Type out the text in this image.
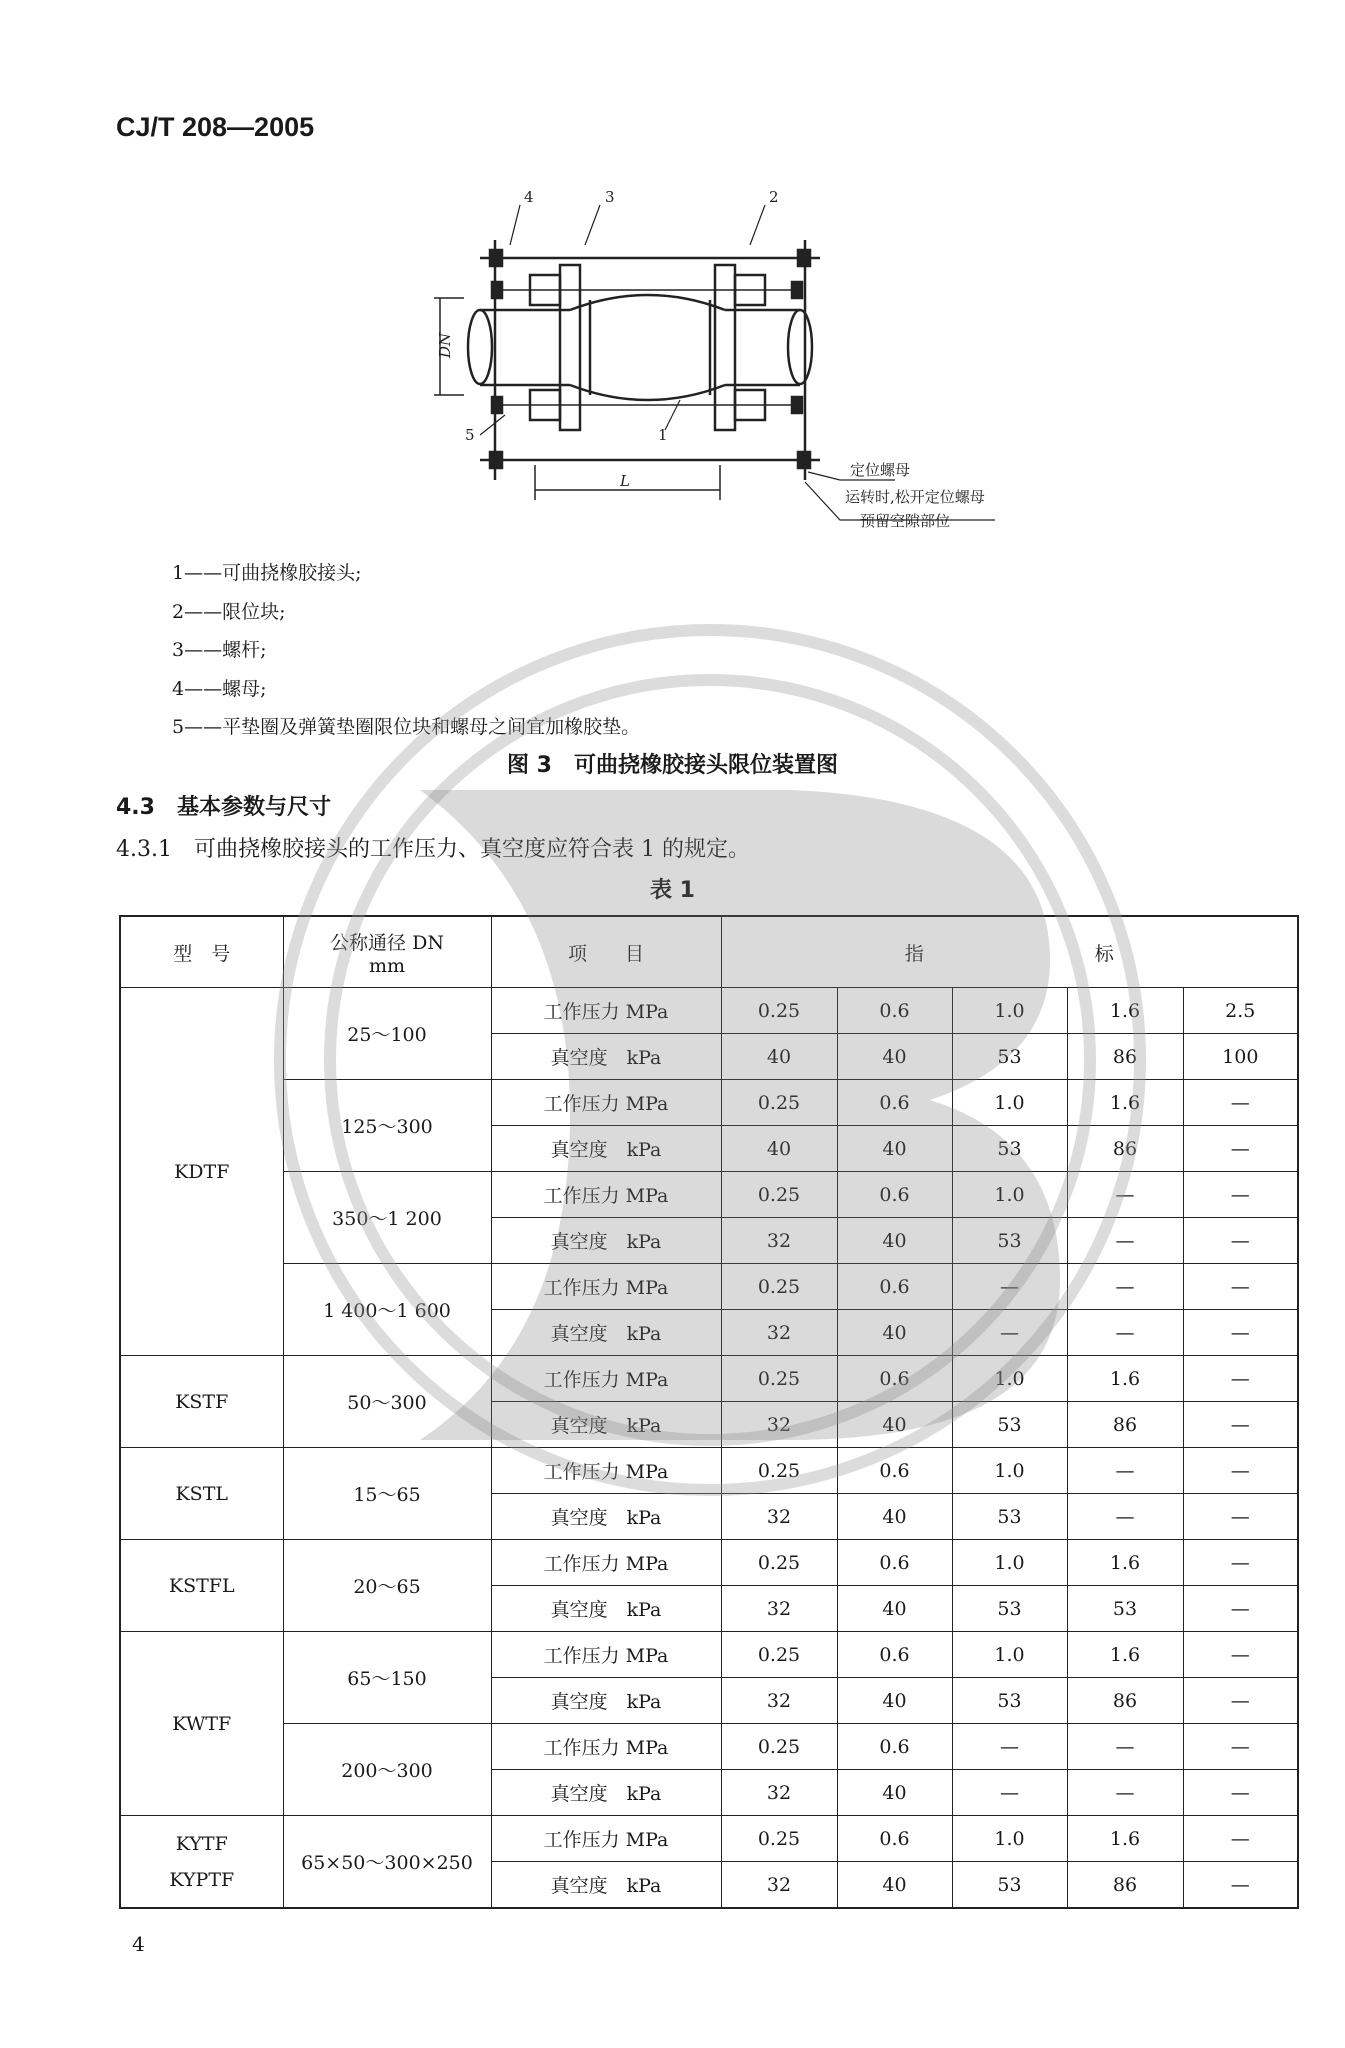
CJ/T 208—2005
4	3	2
5	1
DN
L
定位螺母
运转时,松开定位螺母
预留空隙部位
1——可曲挠橡胶接头;
2——限位块;
3——螺杆;
4——螺母;
5——平垫圈及弹簧垫圈限位块和螺母之间宜加橡胶垫。
图 3　可曲挠橡胶接头限位装置图
4.3　基本参数与尺寸
4.3.1　可曲挠橡胶接头的工作压力、真空度应符合表 1 的规定。
表 1
型　号	公称通径 DN
mm	项　　目	指　　　　　　　　　标				
KDTF	25～100	工作压力 MPa	0.25	0.6	1.0	1.6	2.5
		真空度　kPa	40	40	53	86	100
	125～300	工作压力 MPa	0.25	0.6	1.0	1.6	—
		真空度　kPa	40	40	53	86	—
	350～1 200	工作压力 MPa	0.25	0.6	1.0	—	—
		真空度　kPa	32	40	53	—	—
	1 400～1 600	工作压力 MPa	0.25	0.6	—	—	—
		真空度　kPa	32	40	—	—	—
KSTF	50～300	工作压力 MPa	0.25	0.6	1.0	1.6	—
		真空度　kPa	32	40	53	86	—
KSTL	15～65	工作压力 MPa	0.25	0.6	1.0	—	—
		真空度　kPa	32	40	53	—	—
KSTFL	20～65	工作压力 MPa	0.25	0.6	1.0	1.6	—
		真空度　kPa	32	40	53	53	—
KWTF	65～150	工作压力 MPa	0.25	0.6	1.0	1.6	—
		真空度　kPa	32	40	53	86	—
	200～300	工作压力 MPa	0.25	0.6	—	—	—
		真空度　kPa	32	40	—	—	—
KYTF
KYPTF	65×50～300×250	工作压力 MPa	0.25	0.6	1.0	1.6	—
		真空度　kPa	32	40	53	86	—
4
